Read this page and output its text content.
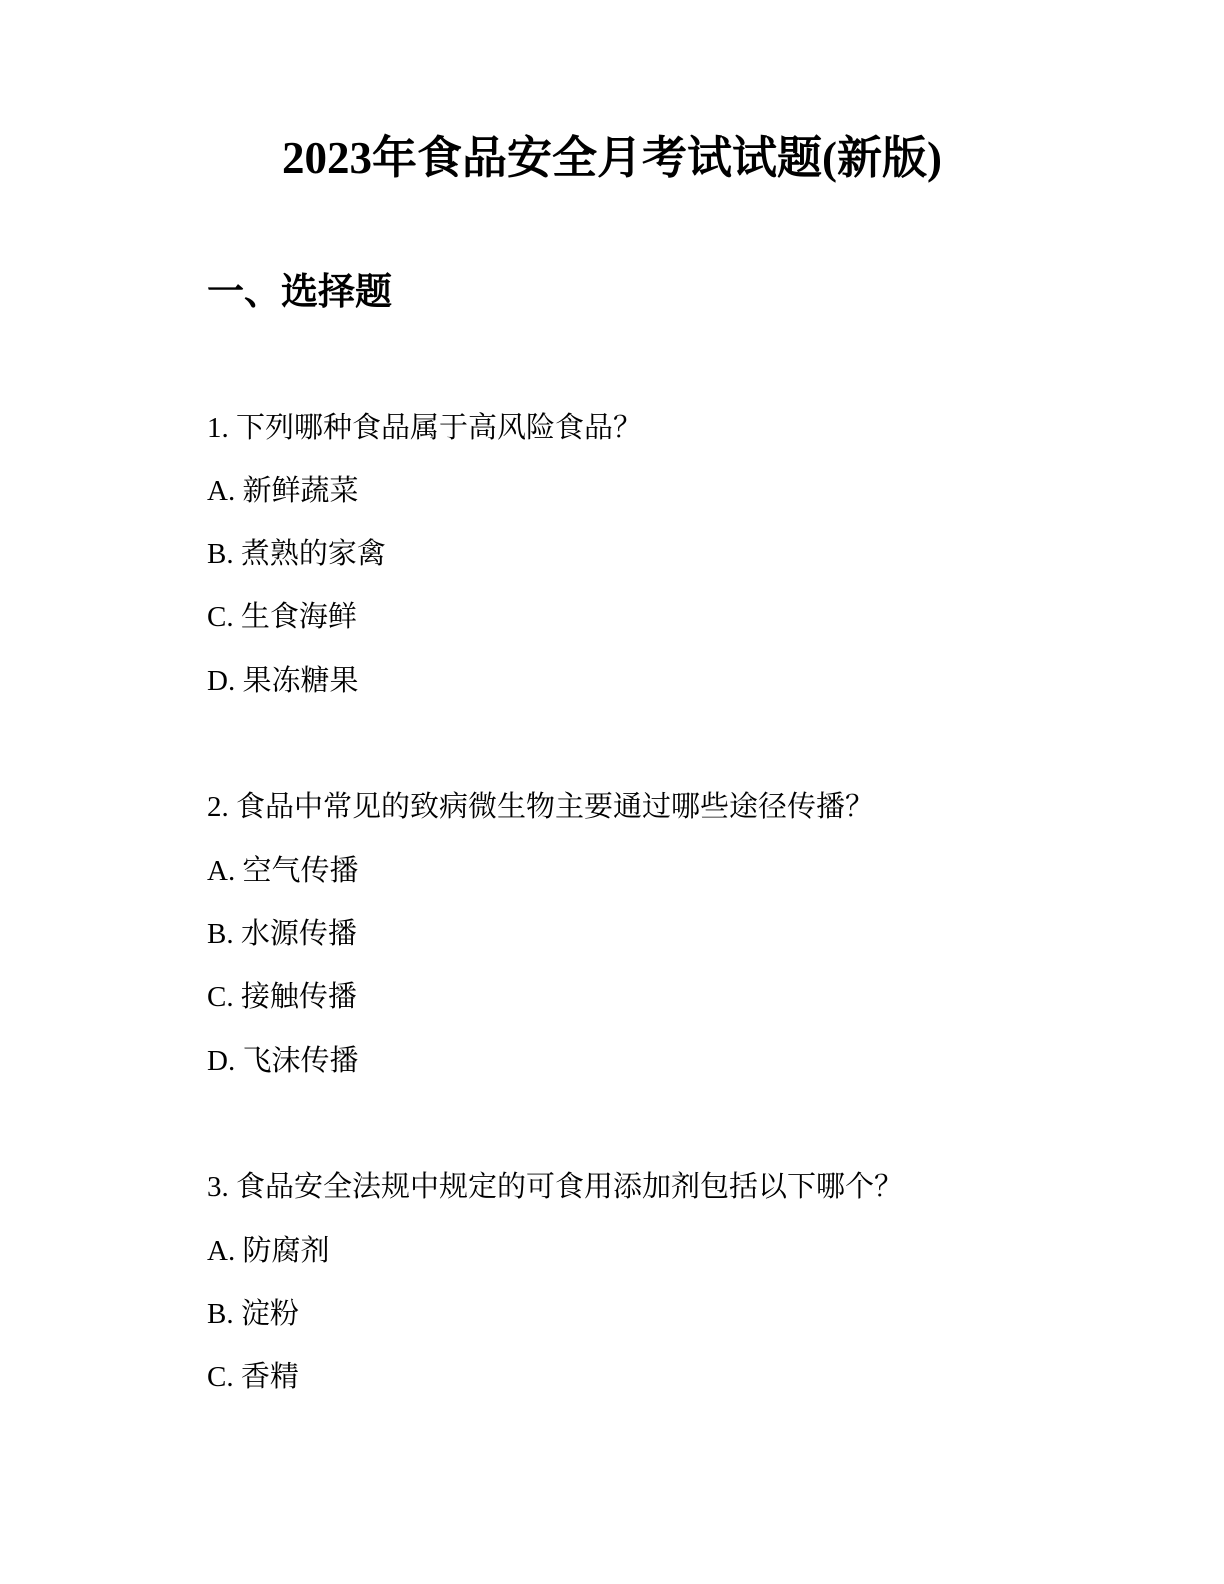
2023年食品安全月考试试题(新版)
一、选择题
1. 下列哪种食品属于高风险食品？
A. 新鲜蔬菜
B. 煮熟的家禽
C. 生食海鲜
D. 果冻糖果
2. 食品中常见的致病微生物主要通过哪些途径传播？
A. 空气传播
B. 水源传播
C. 接触传播
D. 飞沫传播
3. 食品安全法规中规定的可食用添加剂包括以下哪个？
A. 防腐剂
B. 淀粉
C. 香精
